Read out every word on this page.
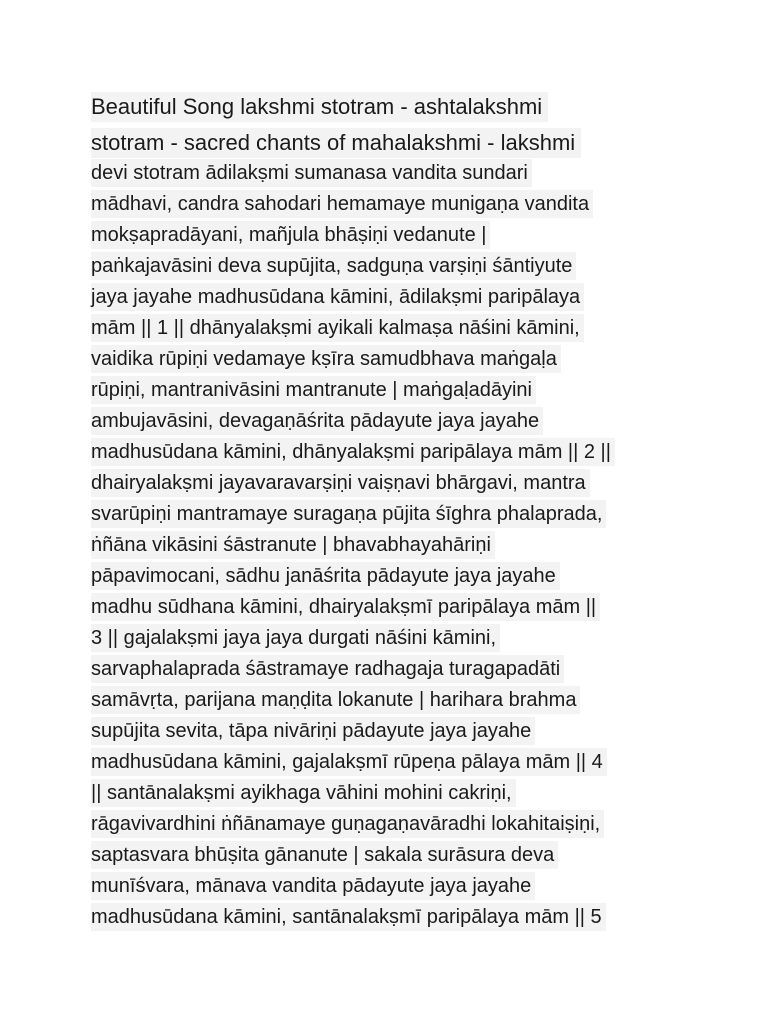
Beautiful Song lakshmi stotram - ashtalakshmi
stotram - sacred chants of mahalakshmi - lakshmi
devi stotram ādilakṣmi sumanasa vandita sundari
mādhavi, candra sahodari hemamaye munigaṇa vandita
mokṣapradāyani, mañjula bhāṣiṇi vedanute |
paṅkajavāsini deva supūjita, sadguṇa varṣiṇi śāntiyute
jaya jayahe madhusūdana kāmini, ādilakṣmi paripālaya
mām || 1 || dhānyalakṣmi ayikali kalmaṣa nāśini kāmini,
vaidika rūpiṇi vedamaye kṣīra samudbhava maṅgaḷa
rūpiṇi, mantranivāsini mantranute | maṅgaḷadāyini
ambujavāsini, devagaṇāśrita pādayute jaya jayahe
madhusūdana kāmini, dhānyalakṣmi paripālaya mām || 2 ||
dhairyalakṣmi jayavaravarṣiṇi vaiṣṇavi bhārgavi, mantra
svarūpiṇi mantramaye suragaṇa pūjita śīghra phalaprada,
ṅñāna vikāsini śāstranute | bhavabhayahāriṇi
pāpavimocani, sādhu janāśrita pādayute jaya jayahe
madhu sūdhana kāmini, dhairyalakṣmī paripālaya mām ||
3 || gajalakṣmi jaya jaya durgati nāśini kāmini,
sarvaphalaprada śāstramaye radhagaja turagapadāti
samāvṛta, parijana maṇḍita lokanute | harihara brahma
supūjita sevita, tāpa nivāriṇi pādayute jaya jayahe
madhusūdana kāmini, gajalakṣmī rūpeṇa pālaya mām || 4
|| santānalakṣmi ayikhaga vāhini mohini cakriṇi,
rāgavivardhini ṅñānamaye guṇagaṇavāradhi lokahitaiṣiṇi,
saptasvara bhūṣita gānanute | sakala surāsura deva
munīśvara, mānava vandita pādayute jaya jayahe
madhusūdana kāmini, santānalakṣmī paripālaya mām || 5
